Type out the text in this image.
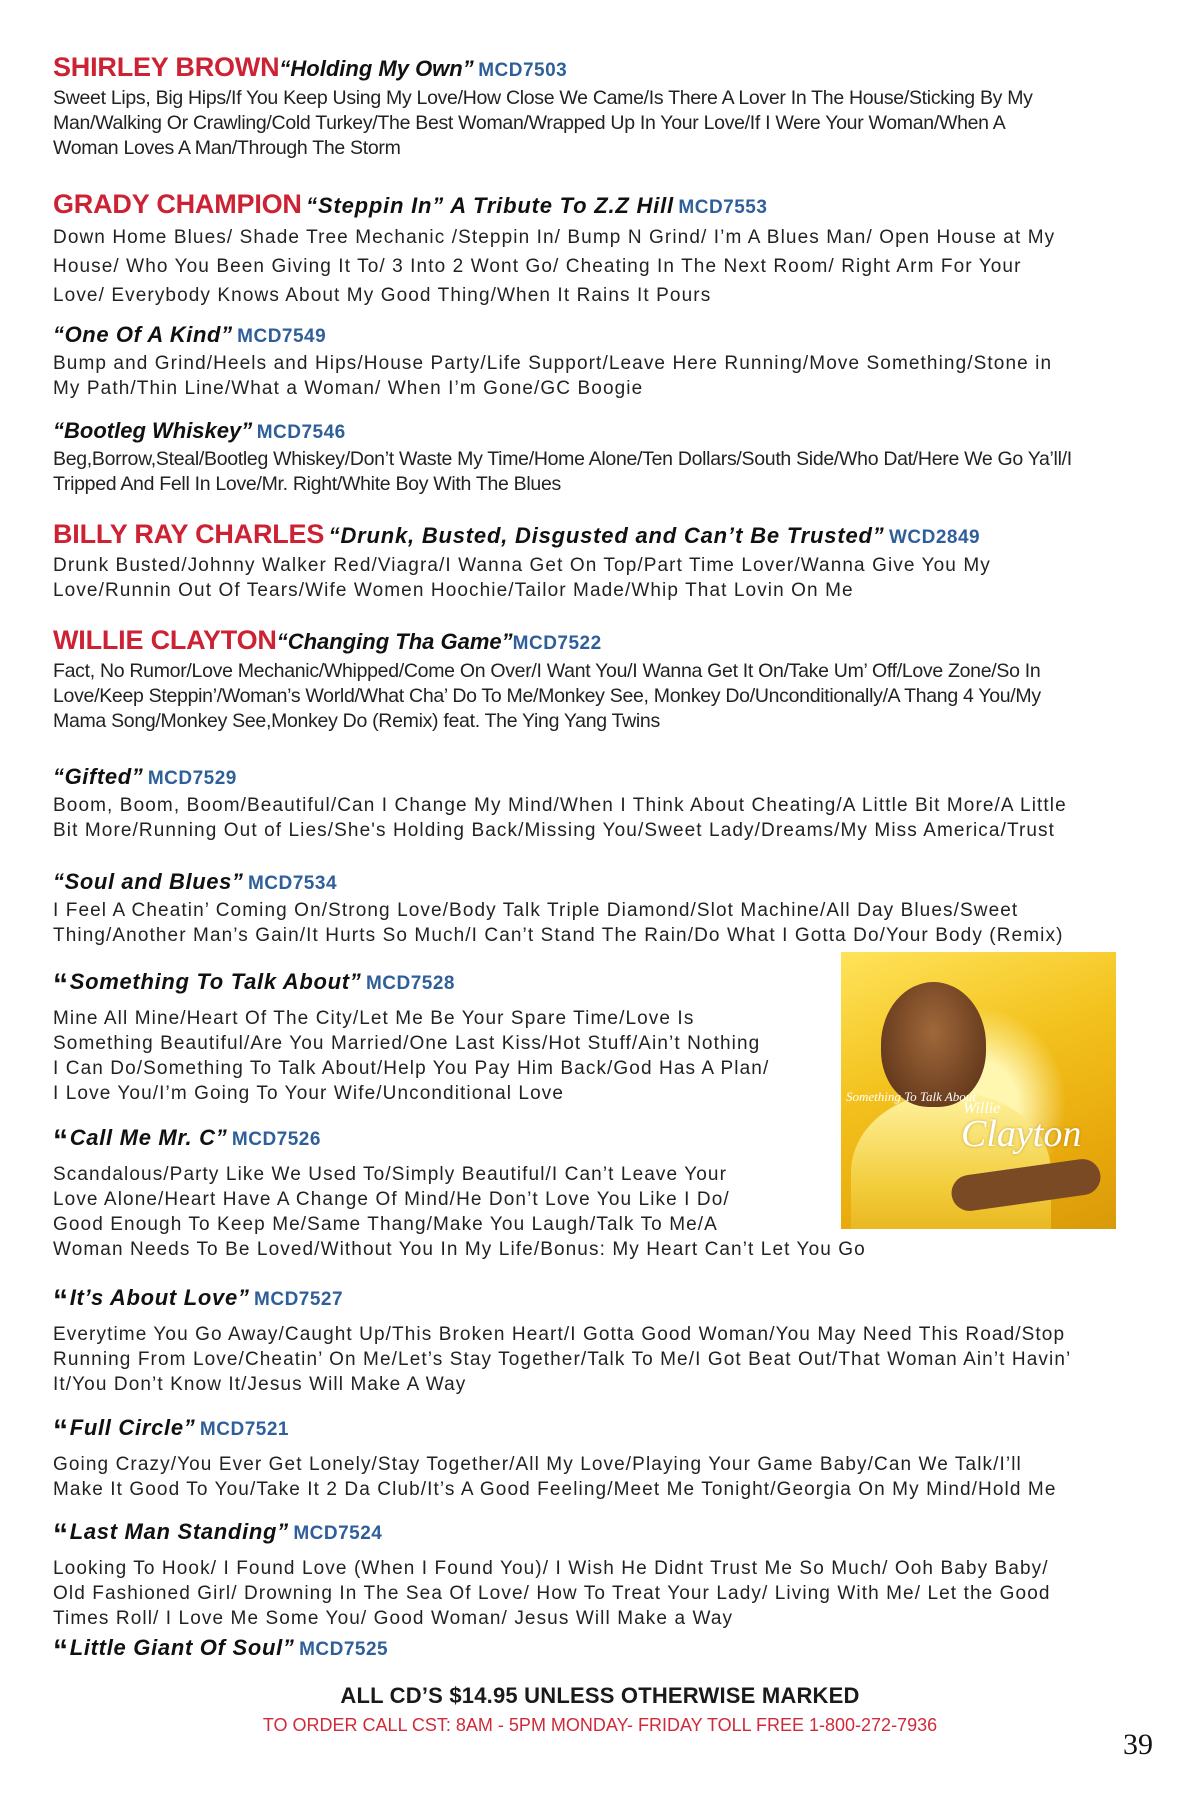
SHIRLEY BROWN“Holding My Own” MCD7503
Sweet Lips, Big Hips/If You Keep Using My Love/How Close We Came/Is There A Lover In The House/Sticking By My
Man/Walking Or Crawling/Cold Turkey/The Best Woman/Wrapped Up In Your Love/If I Were Your Woman/When A
Woman Loves A Man/Through The Storm
GRADY CHAMPION “Steppin In” A Tribute To Z.Z Hill MCD7553
Down Home Blues/ Shade Tree Mechanic /Steppin In/ Bump N Grind/ I’m A Blues Man/ Open House at My
House/ Who You Been Giving It To/ 3 Into 2 Wont Go/ Cheating In The Next Room/ Right Arm For Your
Love/ Everybody Knows About My Good Thing/When It Rains It Pours
“One Of A Kind” MCD7549
Bump and Grind/Heels and Hips/House Party/Life Support/Leave Here Running/Move Something/Stone in
My Path/Thin Line/What a Woman/ When I’m Gone/GC Boogie
“Bootleg Whiskey” MCD7546
Beg,Borrow,Steal/Bootleg Whiskey/Don’t Waste My Time/Home Alone/Ten Dollars/South Side/Who Dat/Here We Go Ya’ll/I
Tripped And Fell In Love/Mr. Right/White Boy With The Blues
BILLY RAY CHARLES “Drunk, Busted, Disgusted and Can’t Be Trusted” WCD2849
Drunk Busted/Johnny Walker Red/Viagra/I Wanna Get On Top/Part Time Lover/Wanna Give You My
Love/Runnin Out Of Tears/Wife Women Hoochie/Tailor Made/Whip That Lovin On Me
WILLIE CLAYTON“Changing Tha Game”MCD7522
Fact, No Rumor/Love Mechanic/Whipped/Come On Over/I Want You/I Wanna Get It On/Take Um’ Off/Love Zone/So In
Love/Keep Steppin’/Woman’s World/What Cha’ Do To Me/Monkey See, Monkey Do/Unconditionally/A Thang 4 You/My
Mama Song/Monkey See,Monkey Do (Remix) feat. The Ying Yang Twins
“Gifted” MCD7529
Boom, Boom, Boom/Beautiful/Can I Change My Mind/When I Think About Cheating/A Little Bit More/A Little
Bit More/Running Out of Lies/She's Holding Back/Missing You/Sweet Lady/Dreams/My Miss America/Trust
“Soul and Blues” MCD7534
I Feel A Cheatin’ Coming On/Strong Love/Body Talk Triple Diamond/Slot Machine/All Day Blues/Sweet
Thing/Another Man’s Gain/It Hurts So Much/I Can’t Stand The Rain/Do What I Gotta Do/Your Body (Remix)
“Something To Talk About” MCD7528
Mine All Mine/Heart Of The City/Let Me Be Your Spare Time/Love Is
Something Beautiful/Are You Married/One Last Kiss/Hot Stuff/Ain’t Nothing
I Can Do/Something To Talk About/Help You Pay Him Back/God Has A Plan/
I Love You/I’m Going To Your Wife/Unconditional Love
“Call Me Mr. C” MCD7526
Scandalous/Party Like We Used To/Simply Beautiful/I Can’t Leave Your
Love Alone/Heart Have A Change Of Mind/He Don’t Love You Like I Do/
Good Enough To Keep Me/Same Thang/Make You Laugh/Talk To Me/A
Woman Needs To Be Loved/Without You In My Life/Bonus: My Heart Can’t Let You Go
“It’s About Love” MCD7527
Everytime You Go Away/Caught Up/This Broken Heart/I Gotta Good Woman/You May Need This Road/Stop
Running From Love/Cheatin’ On Me/Let’s Stay Together/Talk To Me/I Got Beat Out/That Woman Ain’t Havin’
It/You Don’t Know It/Jesus Will Make A Way
“Full Circle” MCD7521
Going Crazy/You Ever Get Lonely/Stay Together/All My Love/Playing Your Game Baby/Can We Talk/I’ll
Make It Good To You/Take It 2 Da Club/It’s A Good Feeling/Meet Me Tonight/Georgia On My Mind/Hold Me
“Last Man Standing” MCD7524
Looking To Hook/ I Found Love (When I Found You)/ I Wish He Didnt Trust Me So Much/ Ooh Baby Baby/
Old Fashioned Girl/ Drowning In The Sea Of Love/ How To Treat Your Lady/ Living With Me/ Let the Good
Times Roll/ I Love Me Some You/ Good Woman/ Jesus Will Make a Way
“Little Giant Of Soul” MCD7525
Something To Talk About
Willie
Clayton
ALL CD’S $14.95 UNLESS OTHERWISE MARKED
TO ORDER CALL CST: 8AM - 5PM MONDAY- FRIDAY TOLL FREE 1-800-272-7936
39
